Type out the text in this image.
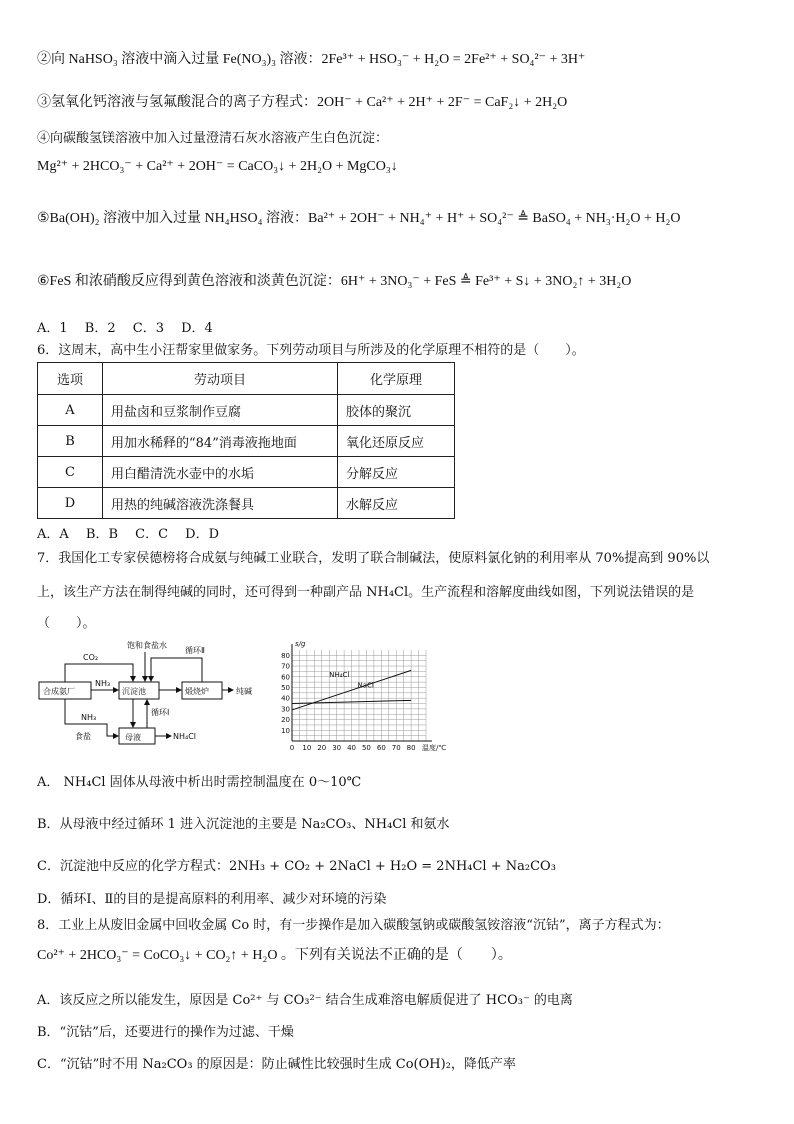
②向 NaHSO₃ 溶液中滴入过量 Fe(NO₃)₃ 溶液：2Fe³⁺ + HSO₃⁻ + H₂O = 2Fe²⁺ + SO₄²⁻ + 3H⁺
③氢氧化钙溶液与氢氟酸混合的离子方程式：2OH⁻ + Ca²⁺ + 2H⁺ + 2F⁻ = CaF₂↓ + 2H₂O
④向碳酸氢镁溶液中加入过量澄清石灰水溶液产生白色沉淀：
Mg²⁺ + 2HCO₃⁻ + Ca²⁺ + 2OH⁻ = CaCO₃↓ + 2H₂O + MgCO₃↓
⑤Ba(OH)₂ 溶液中加入过量 NH₄HSO₄ 溶液：Ba²⁺ + 2OH⁻ + NH₄⁺ + H⁺ + SO₄²⁻ ≜ BaSO₄ + NH₃·H₂O + H₂O
⑥FeS 和浓硝酸反应得到黄色溶液和淡黄色沉淀：6H⁺ + 3NO₃⁻ + FeS ≜ Fe³⁺ + S↓ + 3NO₂↑ + 3H₂O
A．1　 B．2　 C．3　 D．4
6．这周末，高中生小汪帮家里做家务。下列劳动项目与所涉及的化学原理不相符的是（　　）。
选项	劳动项目	化学原理
A	用盐卤和豆浆制作豆腐	胶体的聚沉
B	用加水稀释的“84”消毒液拖地面	氧化还原反应
C	用白醋清洗水壶中的水垢	分解反应
D	用热的纯碱溶液洗涤餐具	水解反应
A．A　 B．B　 C．C　 D．D
7．我国化工专家侯德榜将合成氨与纯碱工业联合，发明了联合制碱法，使原料氯化钠的利用率从 70%提高到 90%以
上，该生产方法在制得纯碱的同时，还可得到一种副产品 NH₄Cl。生产流程和溶解度曲线如图，下列说法错误的是
（　　）。
CO₂
饱和食盐水
循环Ⅱ
合成氨厂
NH₃
沉淀池	煅烧炉	纯碱
循环Ⅰ
NH₃
食盐	母液	NH₄Cl
0 10 20 30 40 50 60 70 80
10
20
30
40
50
60
70
80
s/g
温度/℃
NH₄Cl
NaCl
A． NH₄Cl 固体从母液中析出时需控制温度在 0～10℃
B．从母液中经过循环 1 进入沉淀池的主要是 Na₂CO₃、NH₄Cl 和氨水
C．沉淀池中反应的化学方程式：2NH₃ + CO₂ + 2NaCl + H₂O = 2NH₄Cl + Na₂CO₃
D．循环Ⅰ、Ⅱ的目的是提高原料的利用率、减少对环境的污染
8．工业上从废旧金属中回收金属 Co 时，有一步操作是加入碳酸氢钠或碳酸氢铵溶液“沉钴”，离子方程式为：
Co²⁺ + 2HCO₃⁻ = CoCO₃↓ + CO₂↑ + H₂O 。下列有关说法不正确的是（　　）。
A．该反应之所以能发生，原因是 Co²⁺ 与 CO₃²⁻ 结合生成难溶电解质促进了 HCO₃⁻ 的电离
B．“沉钴”后，还要进行的操作为过滤、干燥
C．“沉钴”时不用 Na₂CO₃ 的原因是：防止碱性比较强时生成 Co(OH)₂，降低产率
